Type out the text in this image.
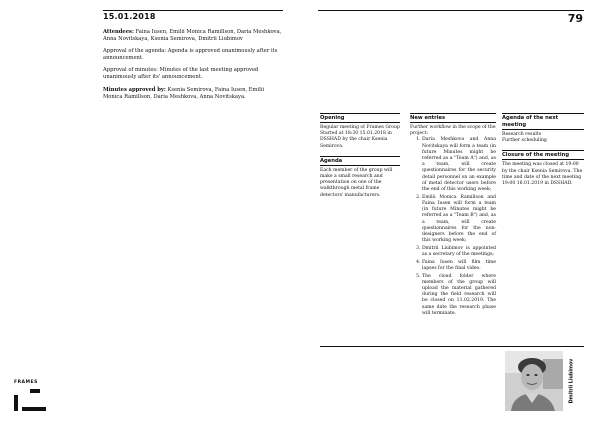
15.01.2018

Attendees: Faina Iusen, Emilii Monica Ramillson, Daria Meshkova, Anna Novitskaya, Ksenia Semirova, Dmitrii Liubimov

Approval of the agenda: Agenda is approved unanimously after its announcement.

Approval of minutes: Minutes of the last meeting approved unanimously after its' announcement.

Minutes approved by: Ksenia Semirova, Faina Iusen, Emilii Monica Ramillson, Daria Meshkova, Anna Novitskaya.

FRAMES
79
Opening

Regular meeting of Frames Group Started at 18:30 15.01.2018 in DSSHAD by the chair Ksenia Semirova.

Agenda

Each member of the group will make a small research and presentation on one of the walkthrough metal frame detectors' manufacturers.

New entries

Further workflow in the scope of the project:

1. Daria Meshkova and Anna Novitskaya will form a team (in future Minutes might be referred as a "Team A") and, as a team, will create questionnaires for the security detail personnel on an example of metal detector users before the end of this working week;
2. Emilii Monica Ramillson and Faina Iusen will form a team (in future Minutes might be referred as a "Team B") and, as a team, will create questionnaires for the non-designers before the end of this working week;
3. Dmitrii Liubimov is appointed as a secretary of the meetings;
4. Faina Iusen will film time lapses for the final video.
5. The cloud folder where members of the group will upload the material gathered during the field research will be closed on 11.02.2019. The same date the research phase will terminate.
Agenda of the next meeting

Research results

Further scheduling

Closure of the meeting

The meeting was closed at 19:00 by the chair Ksenia Semirova. The time and date of the next meeting 19:00 16.01.2019 in DSSHAD.

Dmitrii Liubimov
